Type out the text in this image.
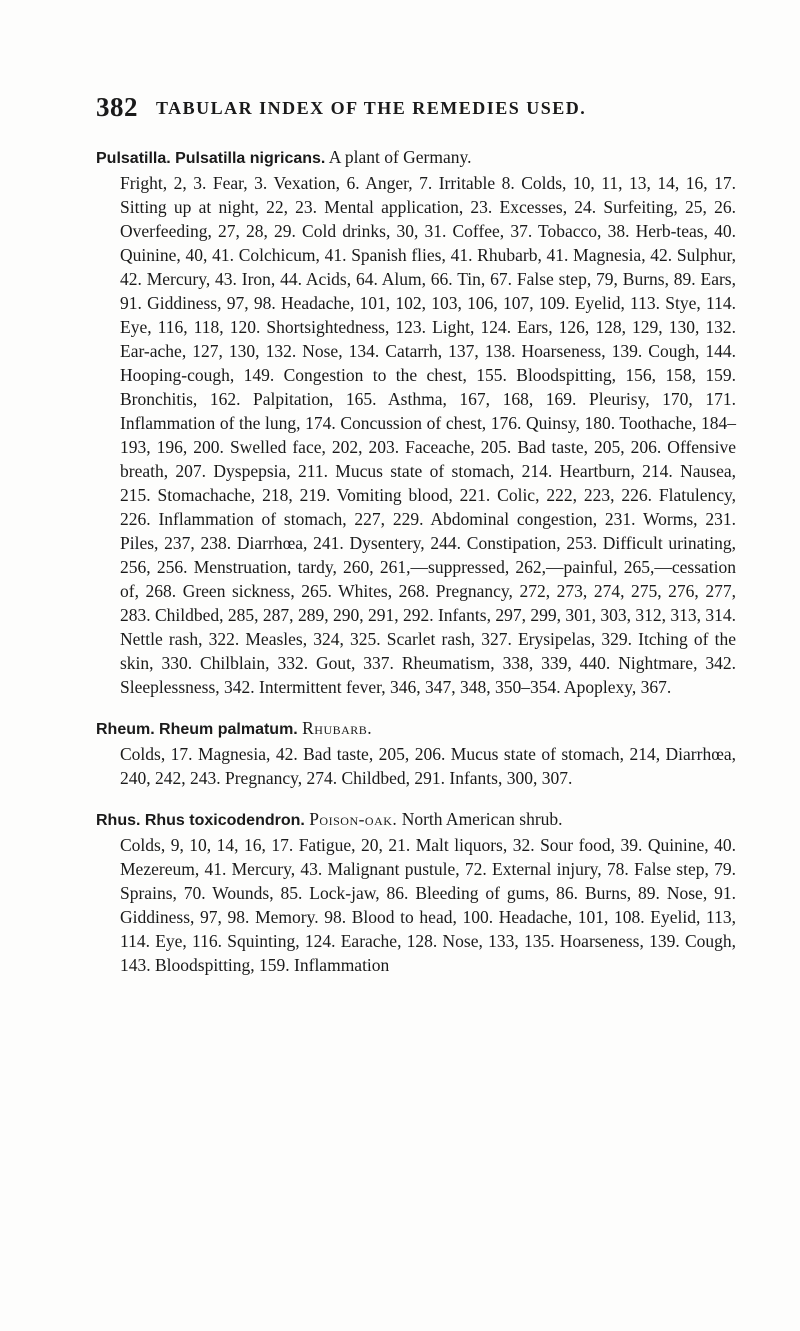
382 TABULAR INDEX OF THE REMEDIES USED.
Pulsatilla. Pulsatilla nigricans. A plant of Germany.

Fright, 2, 3. Fear, 3. Vexation, 6. Anger, 7. Irritable 8. Colds, 10, 11, 13, 14, 16, 17. Sitting up at night, 22, 23. Mental application, 23. Excesses, 24. Surfeiting, 25, 26. Overfeeding, 27, 28, 29. Cold drinks, 30, 31. Coffee, 37. Tobacco, 38. Herb-teas, 40. Quinine, 40, 41. Colchicum, 41. Spanish flies, 41. Rhubarb, 41. Magnesia, 42. Sulphur, 42. Mercury, 43. Iron, 44. Acids, 64. Alum, 66. Tin, 67. False step, 79, Burns, 89. Ears, 91. Giddiness, 97, 98. Headache, 101, 102, 103, 106, 107, 109. Eyelid, 113. Stye, 114. Eye, 116, 118, 120. Shortsightedness, 123. Light, 124. Ears, 126, 128, 129, 130, 132. Ear-ache, 127, 130, 132. Nose, 134. Catarrh, 137, 138. Hoarseness, 139. Cough, 144. Hooping-cough, 149. Congestion to the chest, 155. Bloodspitting, 156, 158, 159. Bronchitis, 162. Palpitation, 165. Asthma, 167, 168, 169. Pleurisy, 170, 171. Inflammation of the lung, 174. Concussion of chest, 176. Quinsy, 180. Toothache, 184–193, 196, 200. Swelled face, 202, 203. Faceache, 205. Bad taste, 205, 206. Offensive breath, 207. Dyspepsia, 211. Mucus state of stomach, 214. Heartburn, 214. Nausea, 215. Stomachache, 218, 219. Vomiting blood, 221. Colic, 222, 223, 226. Flatulency, 226. Inflammation of stomach, 227, 229. Abdominal congestion, 231. Worms, 231. Piles, 237, 238. Diarrhœa, 241. Dysentery, 244. Constipation, 253. Difficult urinating, 256, 256. Menstruation, tardy, 260, 261,—suppressed, 262,—painful, 265,—cessation of, 268. Green sickness, 265. Whites, 268. Pregnancy, 272, 273, 274, 275, 276, 277, 283. Childbed, 285, 287, 289, 290, 291, 292. Infants, 297, 299, 301, 303, 312, 313, 314. Nettle rash, 322. Measles, 324, 325. Scarlet rash, 327. Erysipelas, 329. Itching of the skin, 330. Chilblain, 332. Gout, 337. Rheumatism, 338, 339, 440. Nightmare, 342. Sleeplessness, 342. Intermittent fever, 346, 347, 348, 350–354. Apoplexy, 367.

Rheum. Rheum palmatum. Rhubarb.

Colds, 17. Magnesia, 42. Bad taste, 205, 206. Mucus state of stomach, 214, Diarrhœa, 240, 242, 243. Pregnancy, 274. Childbed, 291. Infants, 300, 307.

Rhus. Rhus toxicodendron. Poison-oak. North American shrub.

Colds, 9, 10, 14, 16, 17. Fatigue, 20, 21. Malt liquors, 32. Sour food, 39. Quinine, 40. Mezereum, 41. Mercury, 43. Malignant pustule, 72. External injury, 78. False step, 79. Sprains, 70. Wounds, 85. Lock-jaw, 86. Bleeding of gums, 86. Burns, 89. Nose, 91. Giddiness, 97, 98. Memory. 98. Blood to head, 100. Headache, 101, 108. Eyelid, 113, 114. Eye, 116. Squinting, 124. Earache, 128. Nose, 133, 135. Hoarseness, 139. Cough, 143. Bloodspitting, 159. Inflammation
